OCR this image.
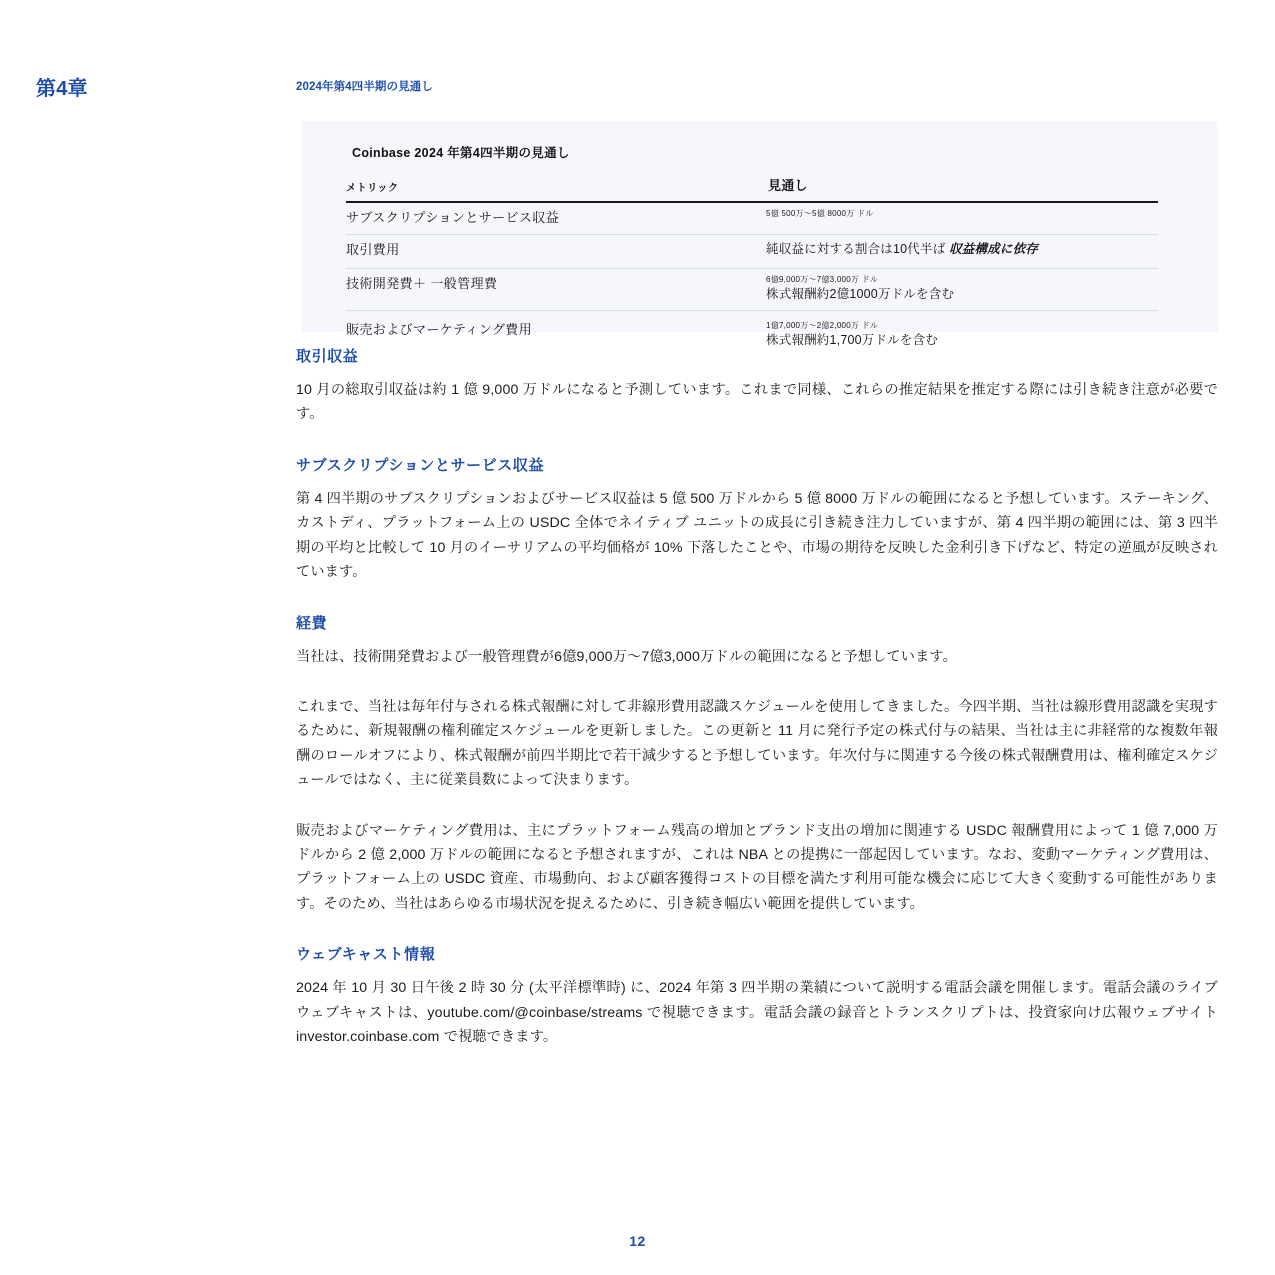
第4章	2024年第4四半期の見通し
Coinbase 2024 年第4四半期の見通し
メトリック	見通し
サブスクリプションとサービス収益	5億 500万〜5億 8000万 ドル

取引費用	純収益に対する割合は10代半ば 収益構成に依存

技術開発費＋ 一般管理費	6億9,000万〜7億3,000万 ドル
株式報酬約2億1000万ドルを含む

販売およびマーケティング費用	1億7,000万〜2億2,000万 ドル
株式報酬約1,700万ドルを含む
取引収益

10 月の総取引収益は約 1 億 9,000 万ドルになると予測しています。これまで同様、これらの推定結果を推定する際には引き続き注意が必要です。

サブスクリプションとサービス収益

第 4 四半期のサブスクリプションおよびサービス収益は 5 億 500 万ドルから 5 億 8000 万ドルの範囲になると予想しています。ステーキング、カストディ、プラットフォーム上の USDC 全体でネイティブ ユニットの成長に引き続き注力していますが、第 4 四半期の範囲には、第 3 四半期の平均と比較して 10 月のイーサリアムの平均価格が 10% 下落したことや、市場の期待を反映した金利引き下げなど、特定の逆風が反映されています。

経費

当社は、技術開発費および一般管理費が6億9,000万〜7億3,000万ドルの範囲になると予想しています。

これまで、当社は毎年付与される株式報酬に対して非線形費用認識スケジュールを使用してきました。今四半期、当社は線形費用認識を実現するために、新規報酬の権利確定スケジュールを更新しました。この更新と 11 月に発行予定の株式付与の結果、当社は主に非経常的な複数年報酬のロールオフにより、株式報酬が前四半期比で若干減少すると予想しています。年次付与に関連する今後の株式報酬費用は、権利確定スケジュールではなく、主に従業員数によって決まります。

販売およびマーケティング費用は、主にプラットフォーム残高の増加とブランド支出の増加に関連する USDC 報酬費用によって 1 億 7,000 万ドルから 2 億 2,000 万ドルの範囲になると予想されますが、これは NBA との提携に一部起因しています。なお、変動マーケティング費用は、プラットフォーム上の USDC 資産、市場動向、および顧客獲得コストの目標を満たす利用可能な機会に応じて大きく変動する可能性があります。そのため、当社はあらゆる市場状況を捉えるために、引き続き幅広い範囲を提供しています。

ウェブキャスト情報

2024 年 10 月 30 日午後 2 時 30 分 (太平洋標準時) に、2024 年第 3 四半期の業績について説明する電話会議を開催します。電話会議のライブ ウェブキャストは、youtube.com/@coinbase/streams で視聴できます。電話会議の録音とトランスクリプトは、投資家向け広報ウェブサイト investor.coinbase.com で視聴できます。

12
